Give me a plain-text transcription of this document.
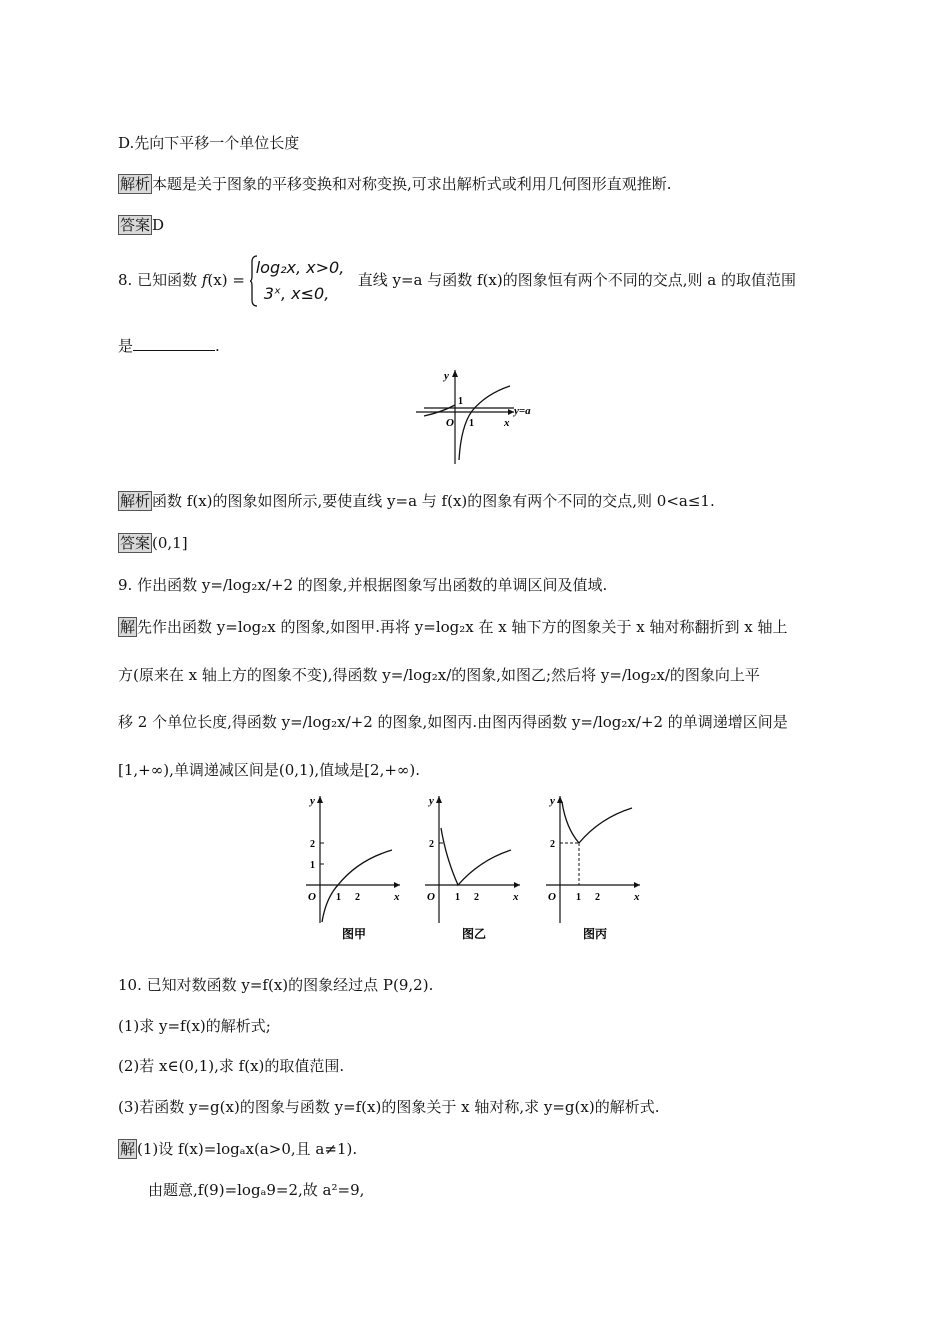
D.先向下平移一个单位长度
解析 本题是关于图象的平移变换和对称变换,可求出解析式或利用几何图形直观推断.
答案 D
8. 已知函数 f(x) =
log₂x, x>0,
3ˣ, x≤0,
直线 y=a 与函数 f(x)的图象恒有两个不同的交点,则 a 的取值范围
是	.
y
x
O
1
1
y=a
解析 函数 f(x)的图象如图所示,要使直线 y=a 与 f(x)的图象有两个不同的交点,则 0<a≤1.
答案 (0,1]
9. 作出函数 y=/log₂x/+2 的图象,并根据图象写出函数的单调区间及值域.
解 先作出函数 y=log₂x 的图象,如图甲.再将 y=log₂x 在 x 轴下方的图象关于 x 轴对称翻折到 x 轴上
方(原来在 x 轴上方的图象不变),得函数 y=/log₂x/的图象,如图乙;然后将 y=/log₂x/的图象向上平
移 2 个单位长度,得函数 y=/log₂x/+2 的图象,如图丙.由图丙得函数 y=/log₂x/+2 的单调递增区间是
[1,+∞),单调递减区间是(0,1),值域是[2,+∞).
y
x
O
1
2
1 2
图甲
y
x
O
2
1 2
图乙
y
x
O
2
1 2
图丙
10. 已知对数函数 y=f(x)的图象经过点 P(9,2).
(1)求 y=f(x)的解析式;
(2)若 x∈(0,1),求 f(x)的取值范围.
(3)若函数 y=g(x)的图象与函数 y=f(x)的图象关于 x 轴对称,求 y=g(x)的解析式.
解 (1)设 f(x)=logₐx(a>0,且 a≠1).
由题意,f(9)=logₐ9=2,故 a²=9,
